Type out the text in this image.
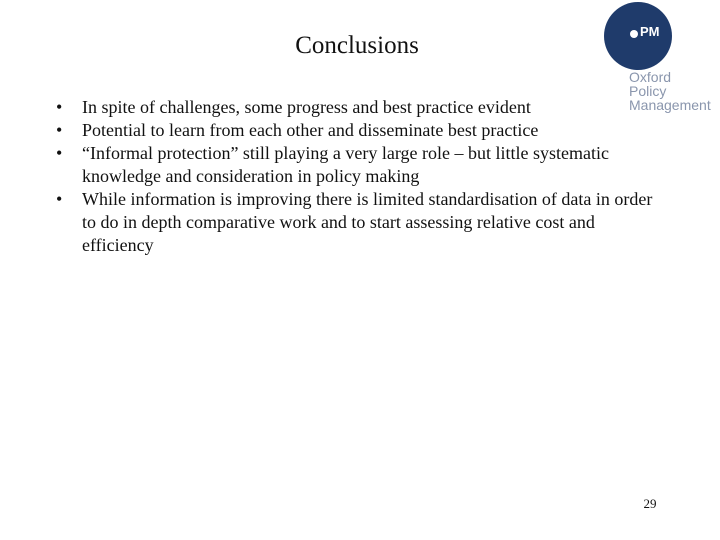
Conclusions
PM
Oxford
Policy
Management
• In spite of challenges, some progress and best practice evident
• Potential to learn from each other and disseminate best practice
• “Informal protection” still playing a very large role – but little systematic knowledge and consideration in policy making
• While information is improving there is limited standardisation of data in order to do in depth comparative work and to start assessing relative cost and efficiency
29
